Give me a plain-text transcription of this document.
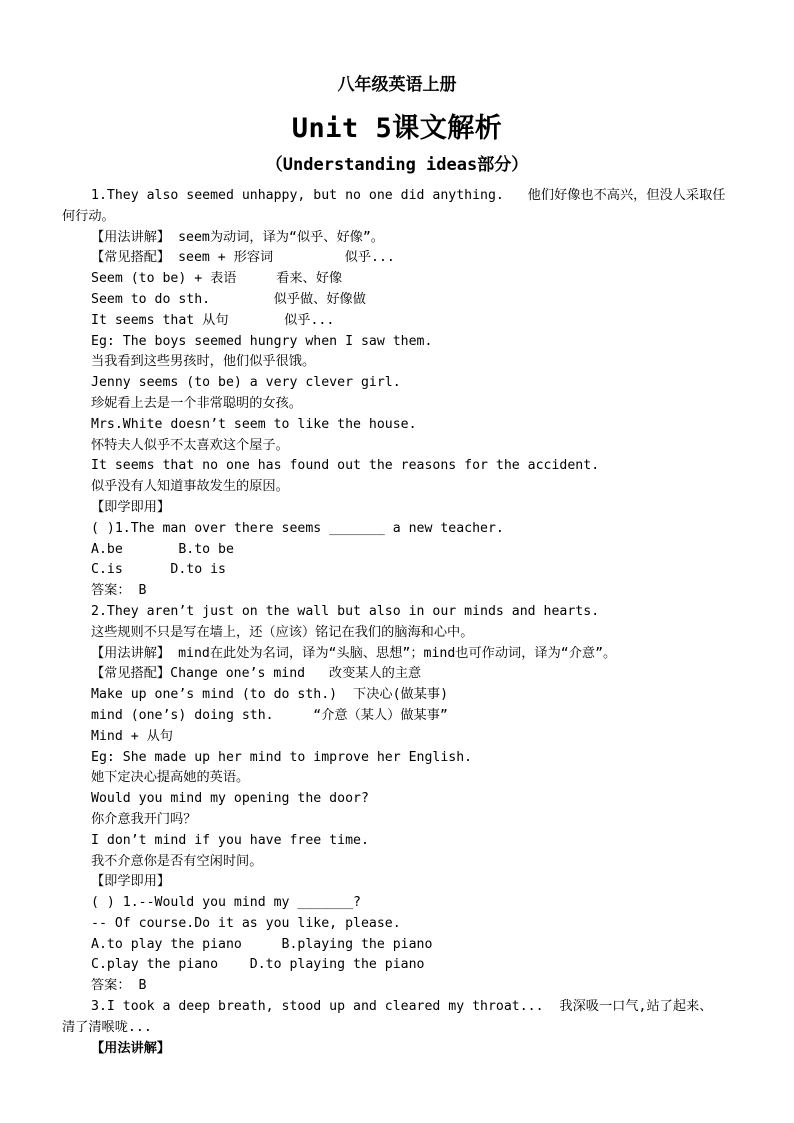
八年级英语上册
Unit 5课文解析
（Understanding ideas部分）
1.They also seemed unhappy, but no one did anything.   他们好像也不高兴，但没人采取任
何行动。
【用法讲解】 seem为动词，译为“似乎、好像”。
【常见搭配】 seem + 形容词         似乎...
Seem (to be) + 表语     看来、好像
Seem to do sth.        似乎做、好像做
It seems that 从句       似乎...
Eg: The boys seemed hungry when I saw them.
当我看到这些男孩时，他们似乎很饿。
Jenny seems (to be) a very clever girl.
珍妮看上去是一个非常聪明的女孩。
Mrs.White doesn’t seem to like the house.
怀特夫人似乎不太喜欢这个屋子。
It seems that no one has found out the reasons for the accident.
似乎没有人知道事故发生的原因。
【即学即用】
( )1.The man over there seems _______ a new teacher.
A.be       B.to be
C.is      D.to is
答案： B
2.They aren’t just on the wall but also in our minds and hearts.
这些规则不只是写在墙上，还（应该）铭记在我们的脑海和心中。
【用法讲解】 mind在此处为名词，译为“头脑、思想”；mind也可作动词，译为“介意”。
【常见搭配】Change one’s mind   改变某人的主意
Make up one’s mind (to do sth.)  下决心(做某事)
mind (one’s) doing sth.     “介意（某人）做某事”
Mind + 从句
Eg: She made up her mind to improve her English.
她下定决心提高她的英语。
Would you mind my opening the door?
你介意我开门吗？
I don’t mind if you have free time.
我不介意你是否有空闲时间。
【即学即用】
( ) 1.--Would you mind my _______?
-- Of course.Do it as you like, please.
A.to play the piano     B.playing the piano
C.play the piano    D.to playing the piano
答案： B
3.I took a deep breath, stood up and cleared my throat...  我深吸一口气,站了起来、
清了清喉咙...
【用法讲解】
